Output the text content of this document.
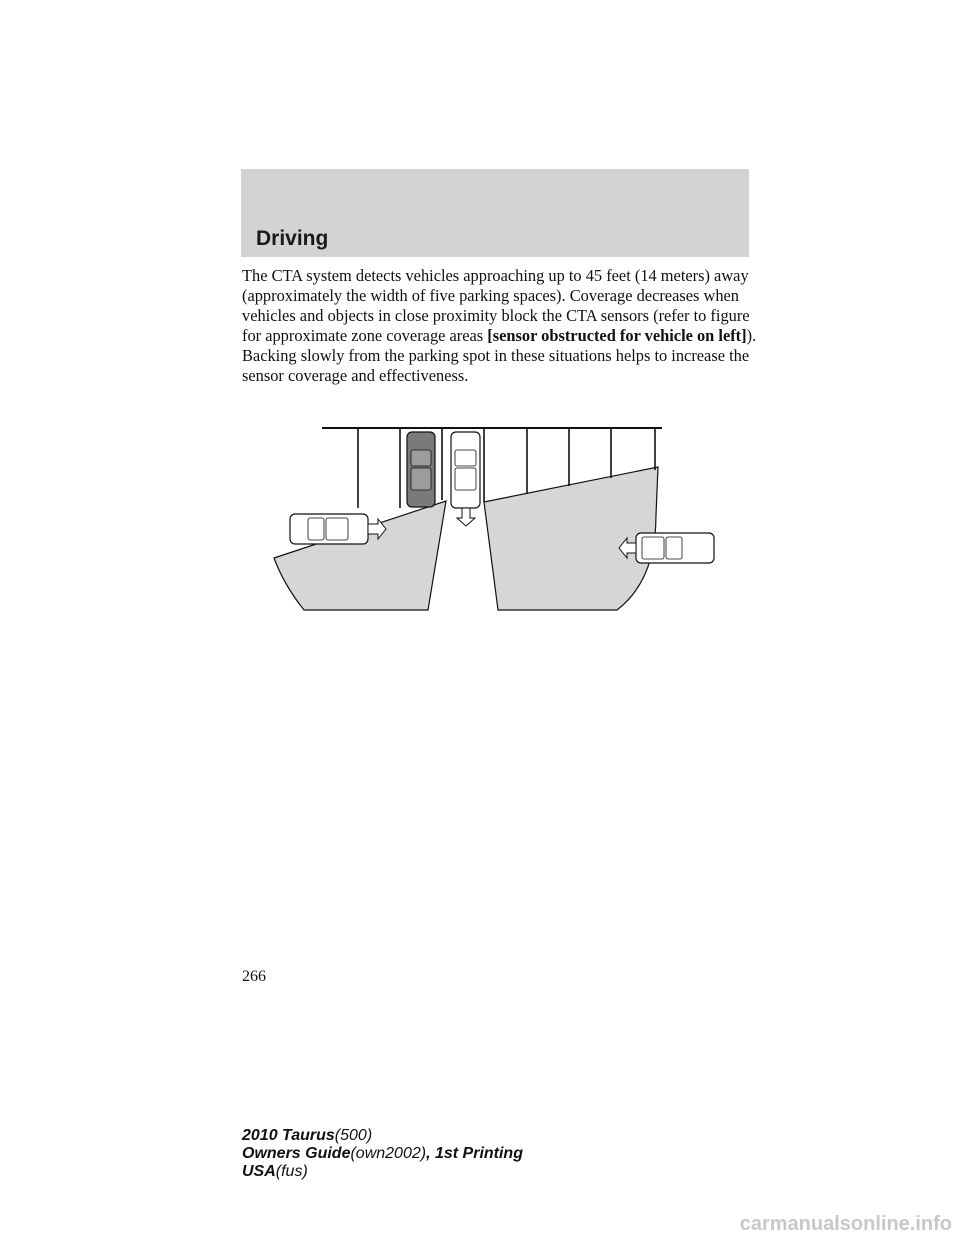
Driving

The CTA system detects vehicles approaching up to 45 feet (14 meters) away (approximately the width of five parking spaces). Coverage decreases when vehicles and objects in close proximity block the CTA sensors (refer to figure for approximate zone coverage areas [sensor obstructed for vehicle on left]). Backing slowly from the parking spot in these situations helps to increase the sensor coverage and effectiveness.

266
2010 Taurus(500)
Owners Guide(own2002), 1st Printing
USA(fus)
carmanualsonline.info
